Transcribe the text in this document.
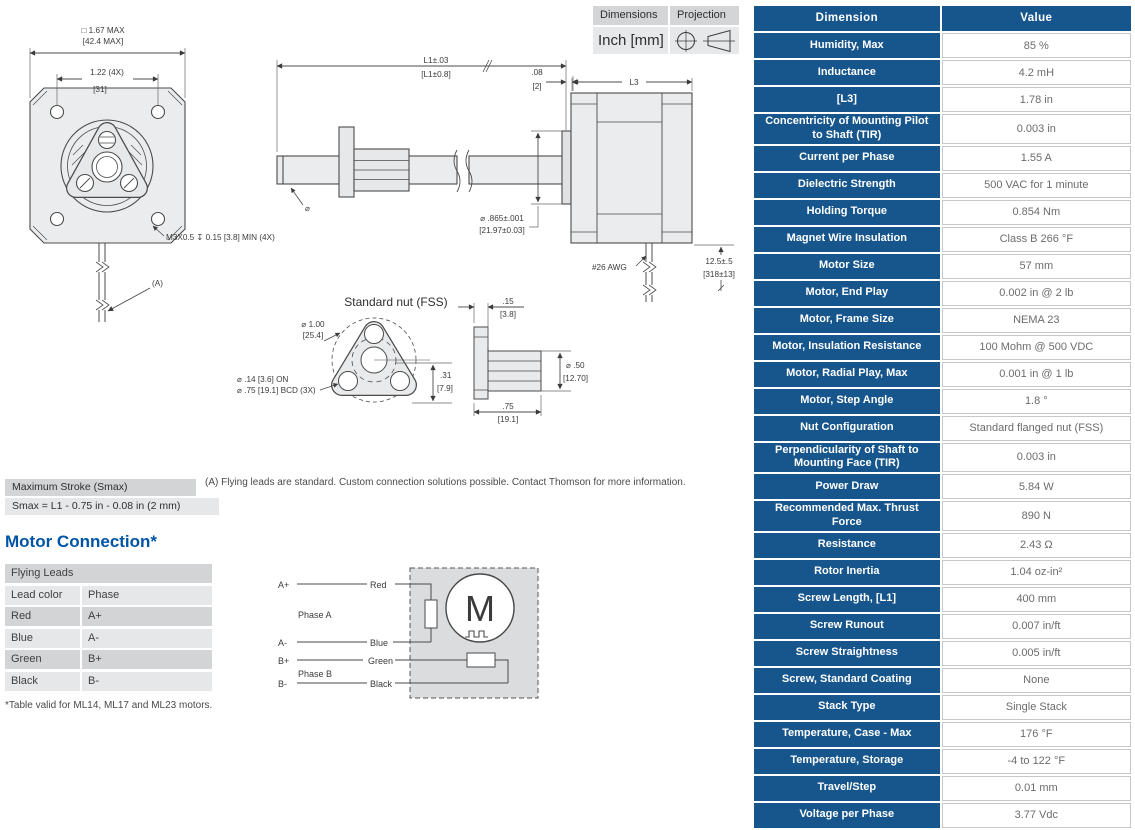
□ 1.67 MAX
[42.4 MAX]
1.22 (4X)
[31]
M3X0.5 ↧ 0.15 [3.8] MIN (4X)
(A)
L1±.03
[L1±0.8]	.08
[2]	L3
⌀
⌀ .865±.001
[21.97±0.03]
#26 AWG
12.5±.5
[318±13]
Standard nut (FSS)
⌀ 1.00
[25.4]
⌀ .14 [3.6] ON
⌀ .75 [19.1] BCD (3X)
.31
[7.9]
.15
[3.8]
⌀ .50
[12.70]
.75
[19.1]
Dimensions	Projection
Inch [mm]
(A) Flying leads are standard. Custom connection solutions possible. Contact Thomson for more information.
Maximum Stroke (Smax)
Smax = L1 - 0.75 in - 0.08 in (2 mm)
Motor Connection*
Flying Leads
Lead color	Phase
Red	A+
Blue	A-
Green	B+
Black	B-
*Table valid for ML14, ML17 and ML23 motors.
A+
Phase A
A-
B+
Phase B
B-
Red
Blue
Green
Black
M
Dimension	Value
Humidity, Max	85 %
Inductance	4.2 mH
[L3]	1.78 in
Concentricity of Mounting Pilot to Shaft (TIR)	0.003 in
Current per Phase	1.55 A
Dielectric Strength	500 VAC for 1 minute
Holding Torque	0.854 Nm
Magnet Wire Insulation	Class B 266 °F
Motor Size	57 mm
Motor, End Play	0.002 in @ 2 lb
Motor, Frame Size	NEMA 23
Motor, Insulation Resistance	100 Mohm @ 500 VDC
Motor, Radial Play, Max	0.001 in @ 1 lb
Motor, Step Angle	1.8 °
Nut Configuration	Standard flanged nut (FSS)
Perpendicularity of Shaft to Mounting Face (TIR)	0.003 in
Power Draw	5.84 W
Recommended Max. Thrust Force	890 N
Resistance	2.43 Ω
Rotor Inertia	1.04 oz-in²
Screw Length, [L1]	400 mm
Screw Runout	0.007 in/ft
Screw Straightness	0.005 in/ft
Screw, Standard Coating	None
Stack Type	Single Stack
Temperature, Case - Max	176 °F
Temperature, Storage	-4 to 122 °F
Travel/Step	0.01 mm
Voltage per Phase	3.77 Vdc
